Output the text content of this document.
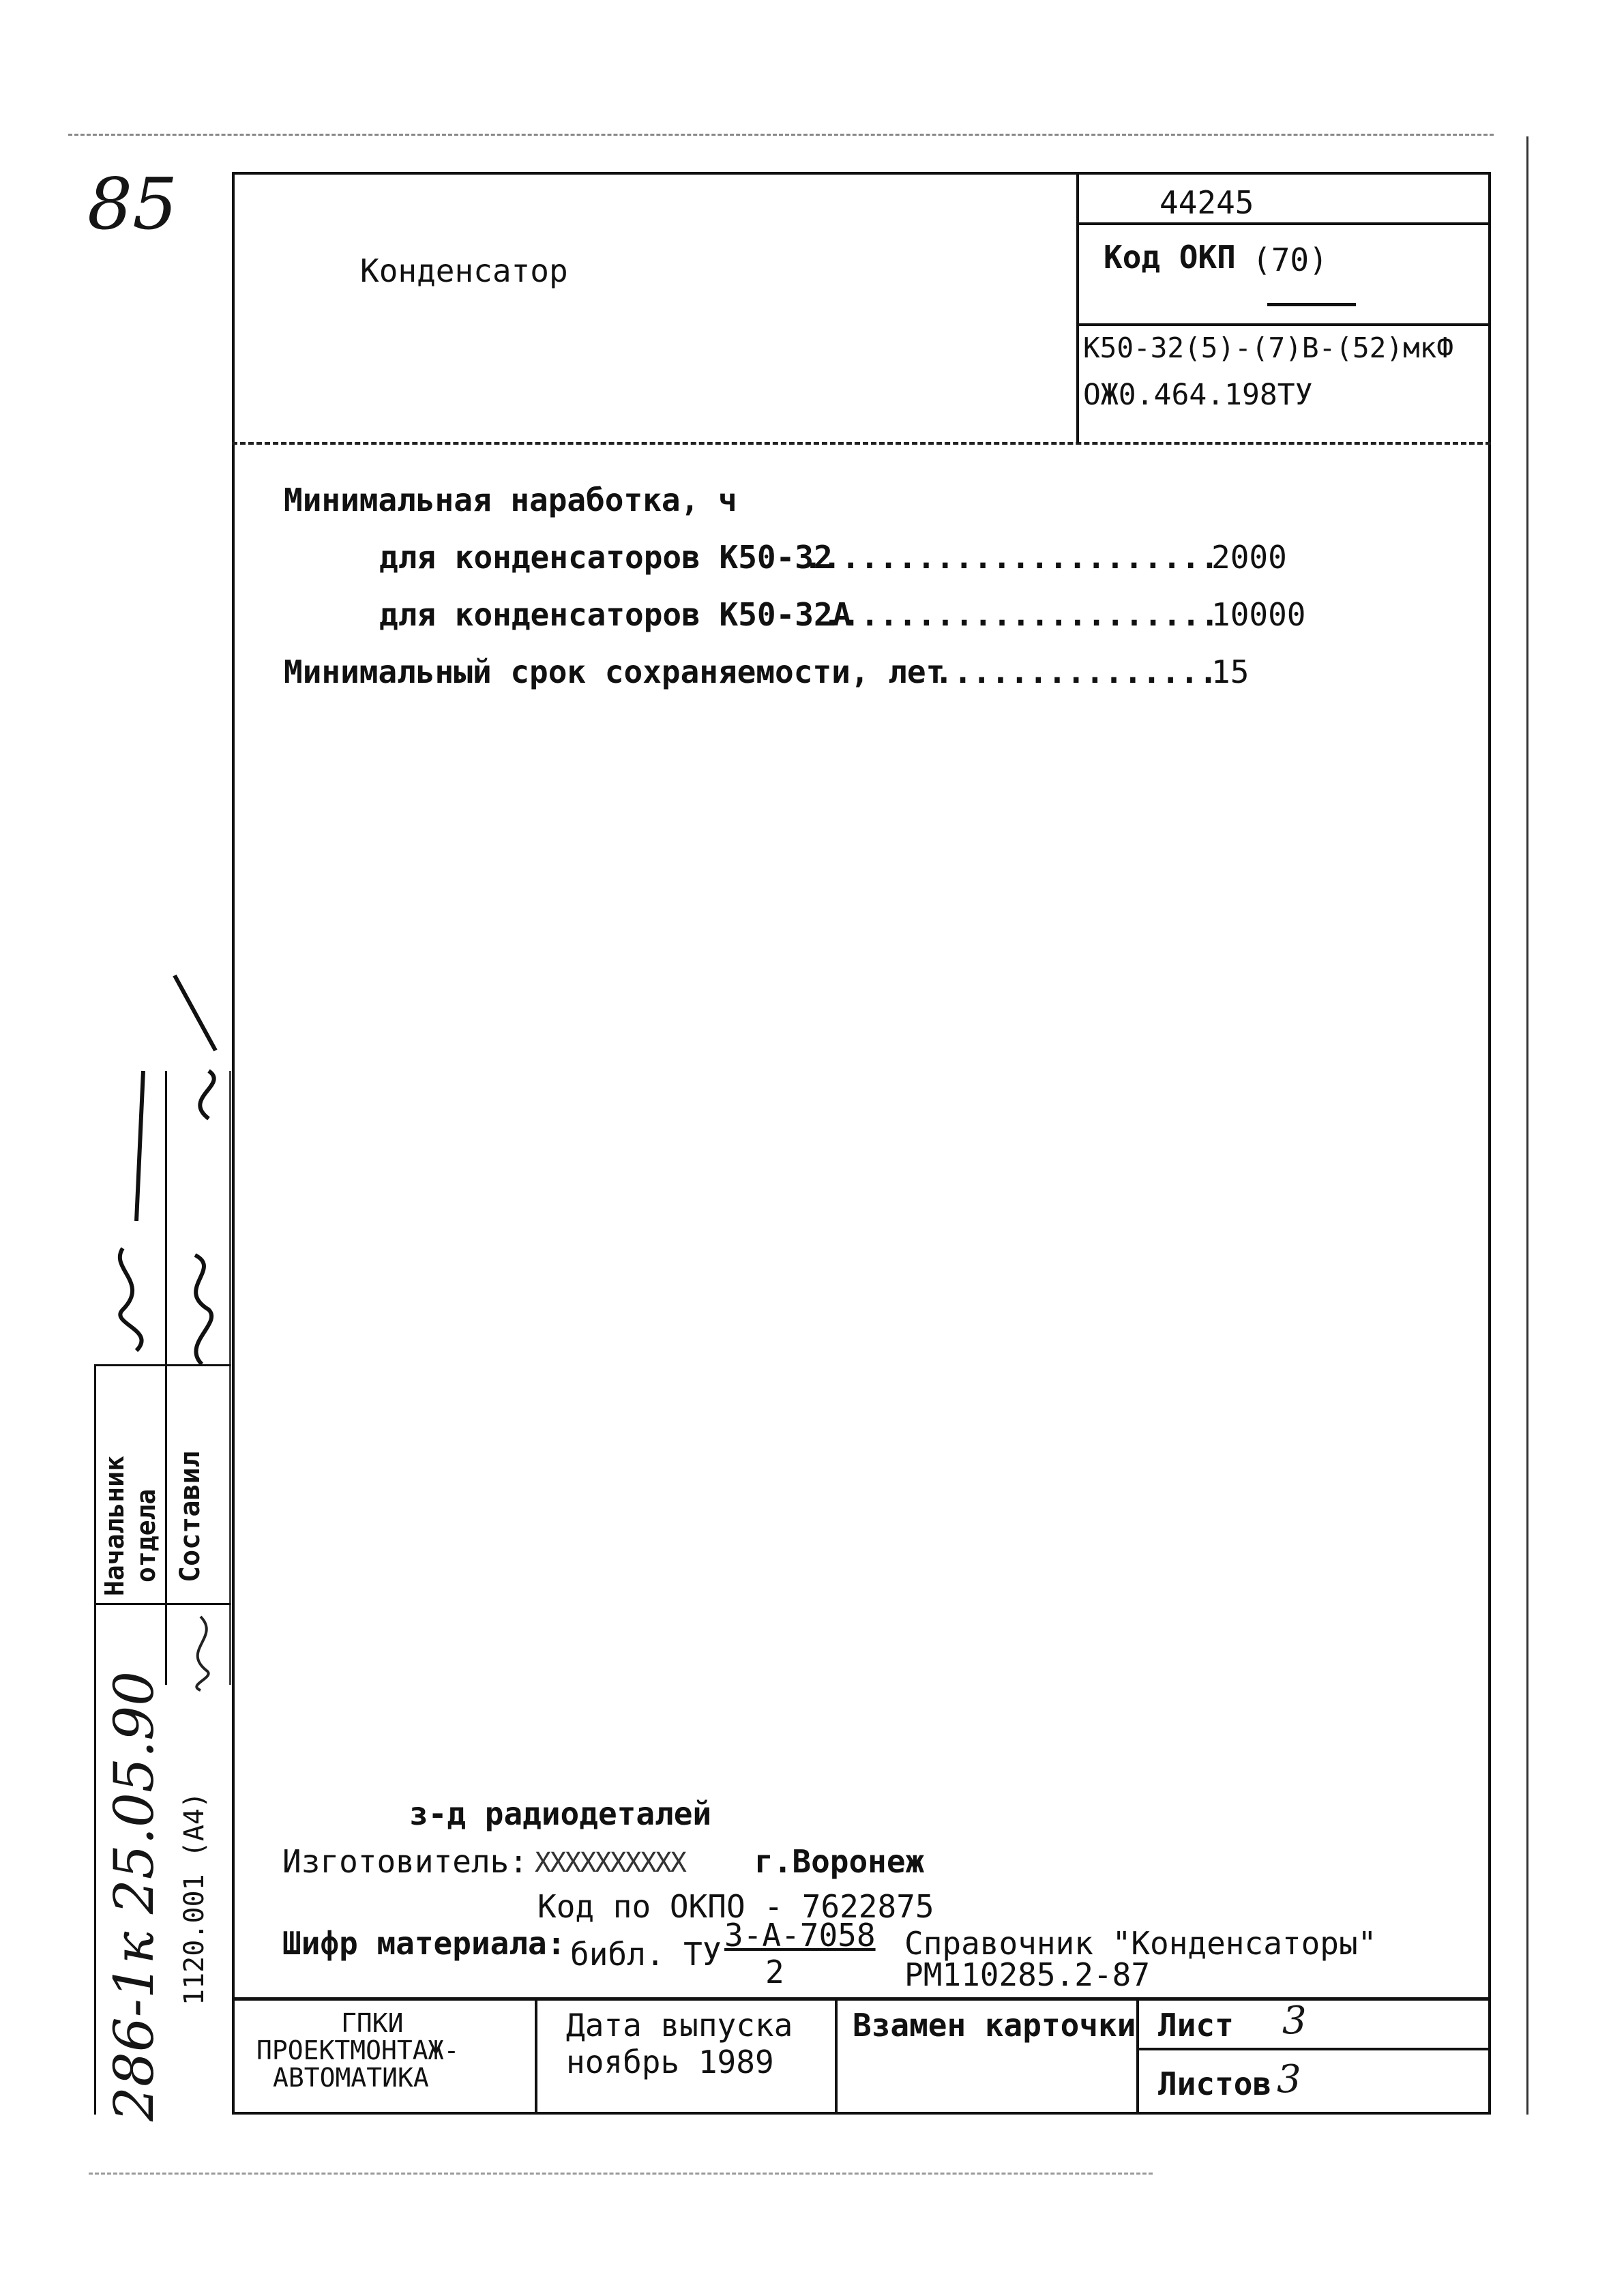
85
Конденсатор
44245
Код ОКП (70)
К50-32(5)-(7)В-(52)мкФ
ОЖ0.464.198ТУ
Минимальная наработка, ч
для конденсаторов К50-32
......................
2000
для конденсаторов К50-32А
.....................
10000
Минимальный срок сохраняемости, лет
...............
15
з-д радиодеталей
Изготовитель: XXXXXXXXXX г.Воронеж
Код по ОКПО - 7622875
Шифр материала: библ. ТУ
3-А-7058
2
Справочник "Конденсаторы"
РМ110285.2-87
ГПКИ
ПРОЕКТМОНТАЖ-
АВТОМАТИКА
Дата выпуска
ноябрь 1989
Взамен карточки Лист 3
Листов 3
Начальник отдела Составил
1120.001 (А4)
286-1к 25.05.90
